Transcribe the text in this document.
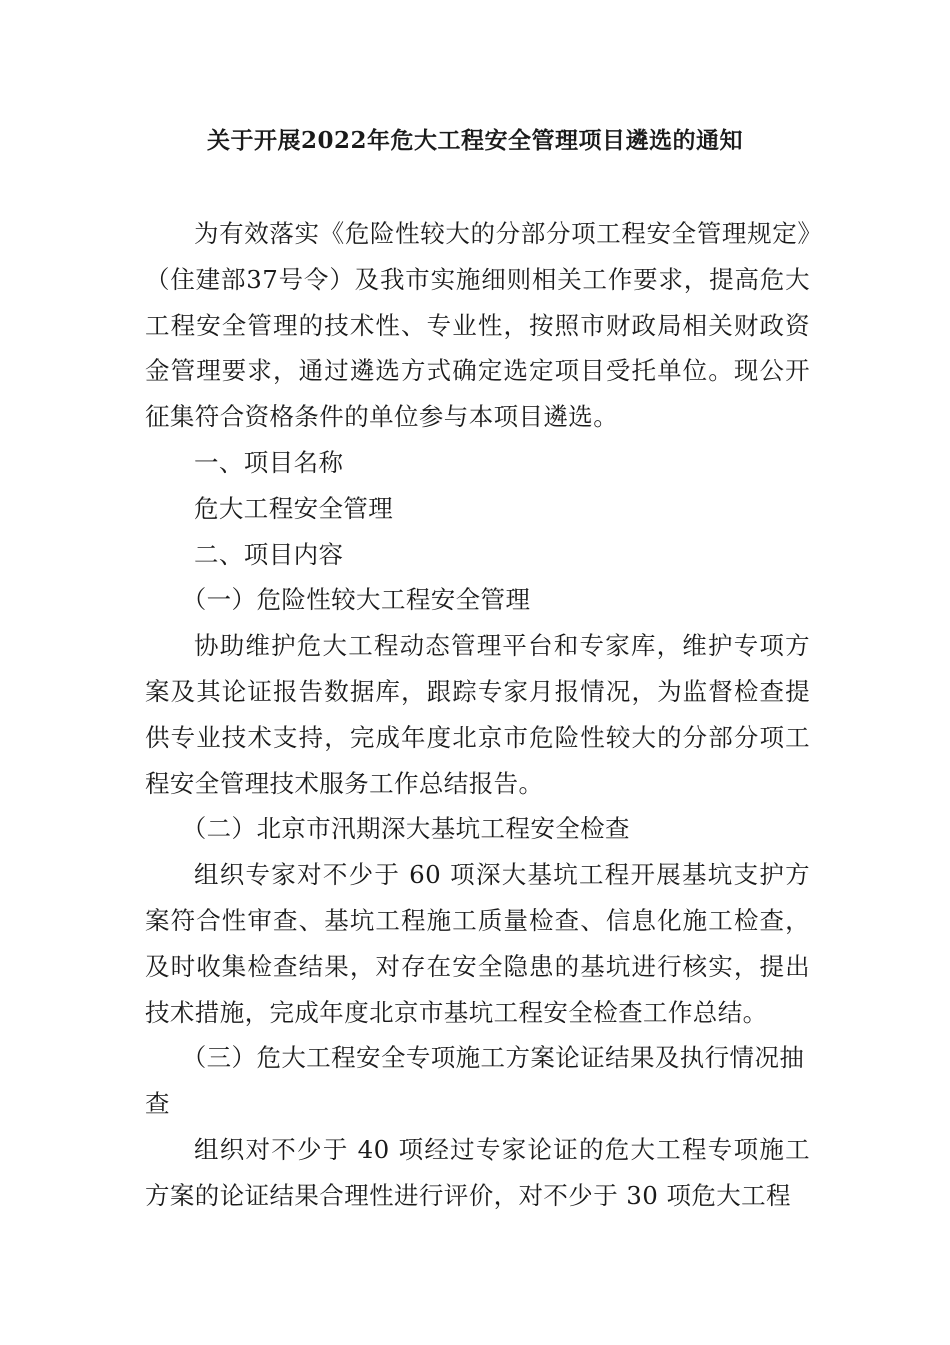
关于开展2022年危大工程安全管理项目遴选的通知

为有效落实《危险性较大的分部分项工程安全管理规定》（住建部37号令）及我市实施细则相关工作要求，提高危大工程安全管理的技术性、专业性，按照市财政局相关财政资金管理要求，通过遴选方式确定选定项目受托单位。现公开征集符合资格条件的单位参与本项目遴选。

一、项目名称

危大工程安全管理

二、项目内容

（一）危险性较大工程安全管理

协助维护危大工程动态管理平台和专家库，维护专项方案及其论证报告数据库，跟踪专家月报情况，为监督检查提供专业技术支持，完成年度北京市危险性较大的分部分项工程安全管理技术服务工作总结报告。

（二）北京市汛期深大基坑工程安全检查

组织专家对不少于 60 项深大基坑工程开展基坑支护方案符合性审查、基坑工程施工质量检查、信息化施工检查，及时收集检查结果，对存在安全隐患的基坑进行核实，提出技术措施，完成年度北京市基坑工程安全检查工作总结。

（三）危大工程安全专项施工方案论证结果及执行情况抽查

组织对不少于 40 项经过专家论证的危大工程专项施工方案的论证结果合理性进行评价，对不少于 30 项危大工程
